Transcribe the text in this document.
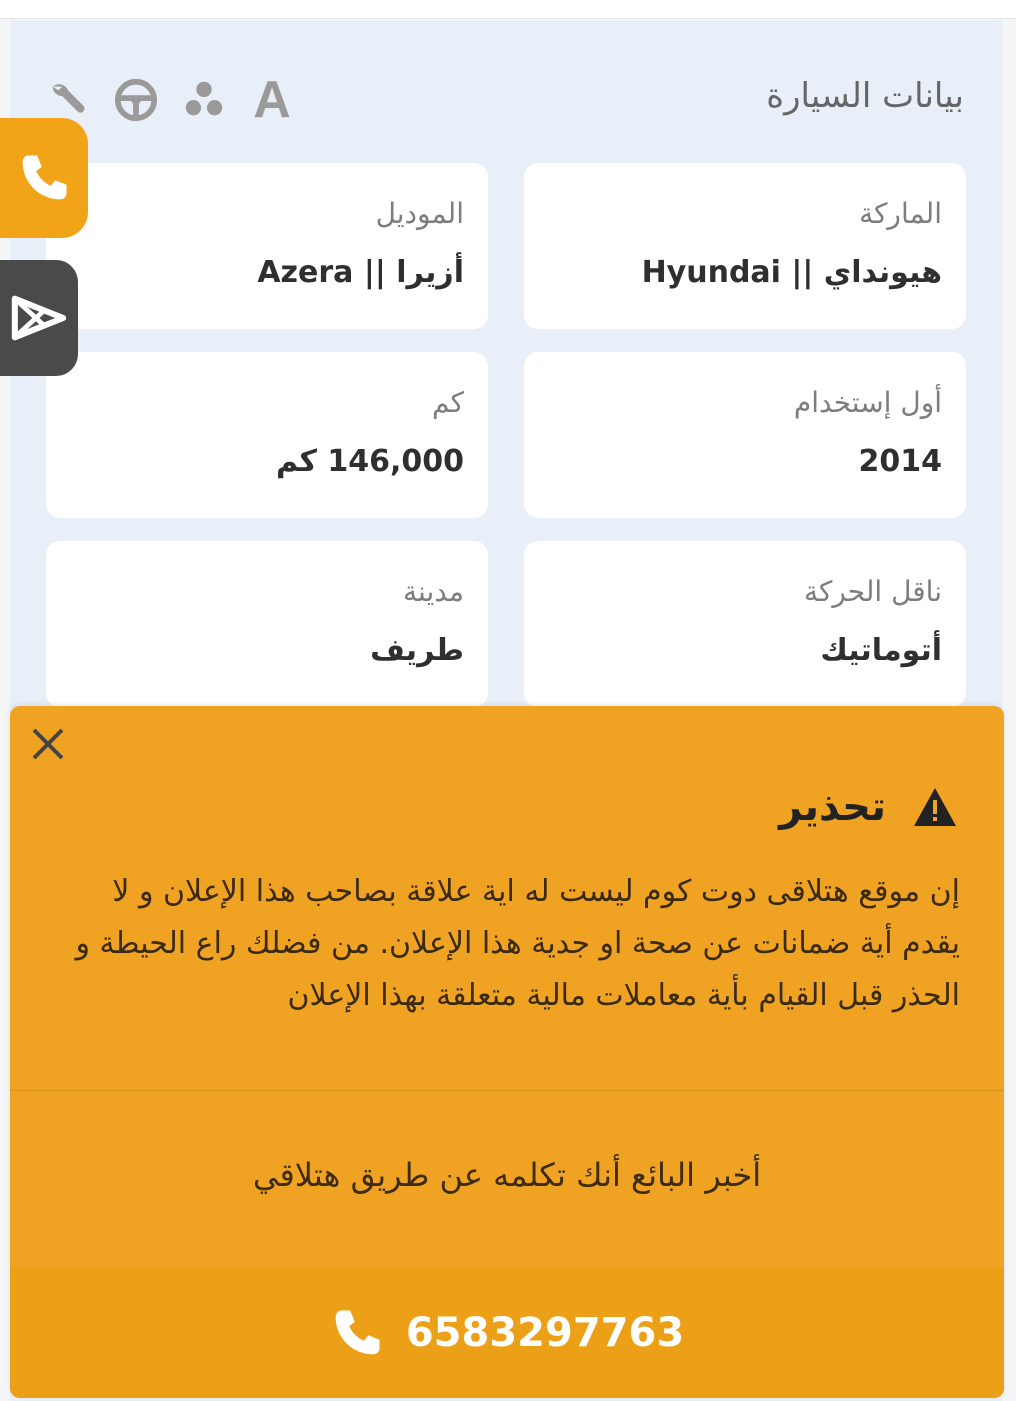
بيانات السيارة
A
الماركة
هيونداي || Hyundai
الموديل
أزيرا || Azera
أول إستخدام
2014
كم
146,000 كم
ناقل الحركة
أتوماتيك
مدينة
طريف
تحذير
إن موقع هتلاقى دوت كوم ليست له اية علاقة بصاحب هذا الإعلان و لا يقدم أية ضمانات عن صحة او جدية هذا الإعلان. من فضلك راع الحيطة و الحذر قبل القيام بأية معاملات مالية متعلقة بهذا الإعلان
أخبر البائع أنك تكلمه عن طريق هتلاقي
6583297763
